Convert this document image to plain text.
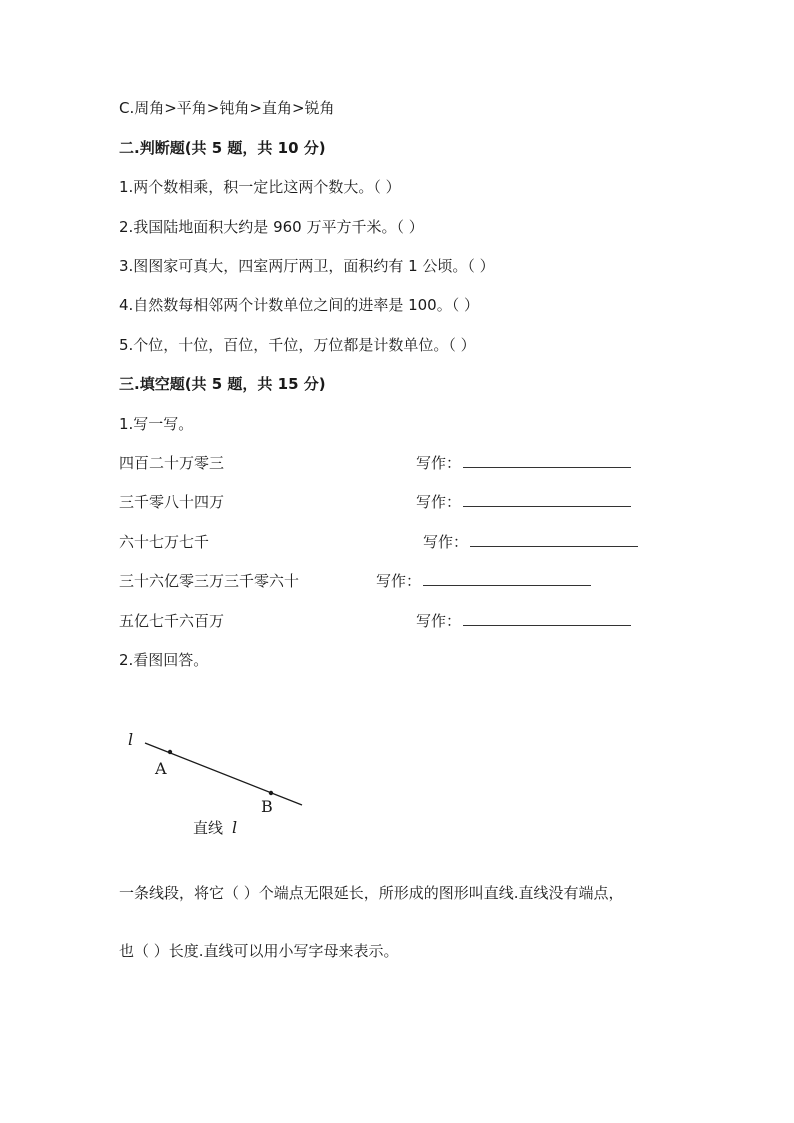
C.周角>平角>钝角>直角>锐角
二.判断题(共 5 题，共 10 分)
1.两个数相乘，积一定比这两个数大。（ ）
2.我国陆地面积大约是 960 万平方千米。（ ）
3.图图家可真大，四室两厅两卫，面积约有 1 公顷。（ ）
4.自然数每相邻两个计数单位之间的进率是 100。（ ）
5.个位，十位，百位，千位，万位都是计数单位。（ ）
三.填空题(共 5 题，共 15 分)
1.写一写。
四百二十万零三	写作：
三千零八十四万	写作：
六十七万七千	写作：
三十六亿零三万三千零六十	写作：
五亿七千六百万	写作：
2.看图回答。
l
A
B
直线 l
一条线段，将它（ ）个端点无限延长，所形成的图形叫直线.直线没有端点，
也（ ）长度.直线可以用小写字母来表示。
